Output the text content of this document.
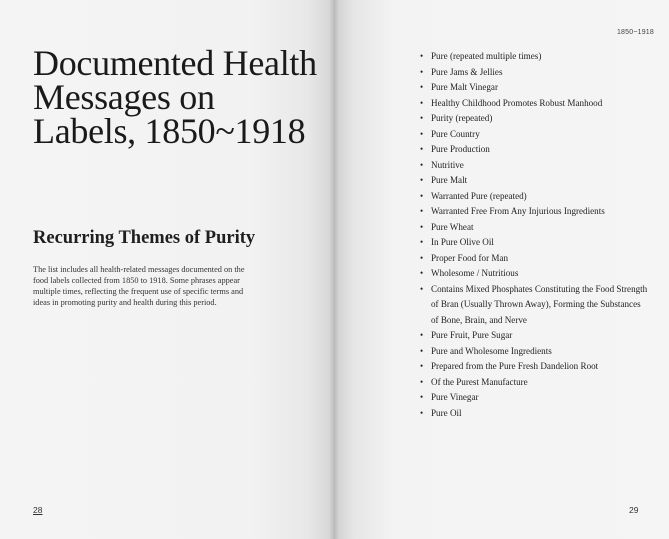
Documented Health Messages on Labels, 1850~1918
Recurring Themes of Purity

The list includes all health-related messages documented on the food labels collected from 1850 to 1918. Some phrases appear multiple times, reflecting the frequent use of specific terms and ideas in promoting purity and health during this period.

28
1850~1918
• Pure (repeated multiple times)
• Pure Jams & Jellies
• Pure Malt Vinegar
• Healthy Childhood Promotes Robust Manhood
• Purity (repeated)
• Pure Country
• Pure Production
• Nutritive
• Pure Malt
• Warranted Pure (repeated)
• Warranted Free From Any Injurious Ingredients
• Pure Wheat
• In Pure Olive Oil
• Proper Food for Man
• Wholesome / Nutritious
• Contains Mixed Phosphates Constituting the Food Strength of Bran (Usually Thrown Away), Forming the Substances of Bone, Brain, and Nerve
• Pure Fruit, Pure Sugar
• Pure and Wholesome Ingredients
• Prepared from the Pure Fresh Dandelion Root
• Of the Purest Manufacture
• Pure Vinegar
• Pure Oil
29
